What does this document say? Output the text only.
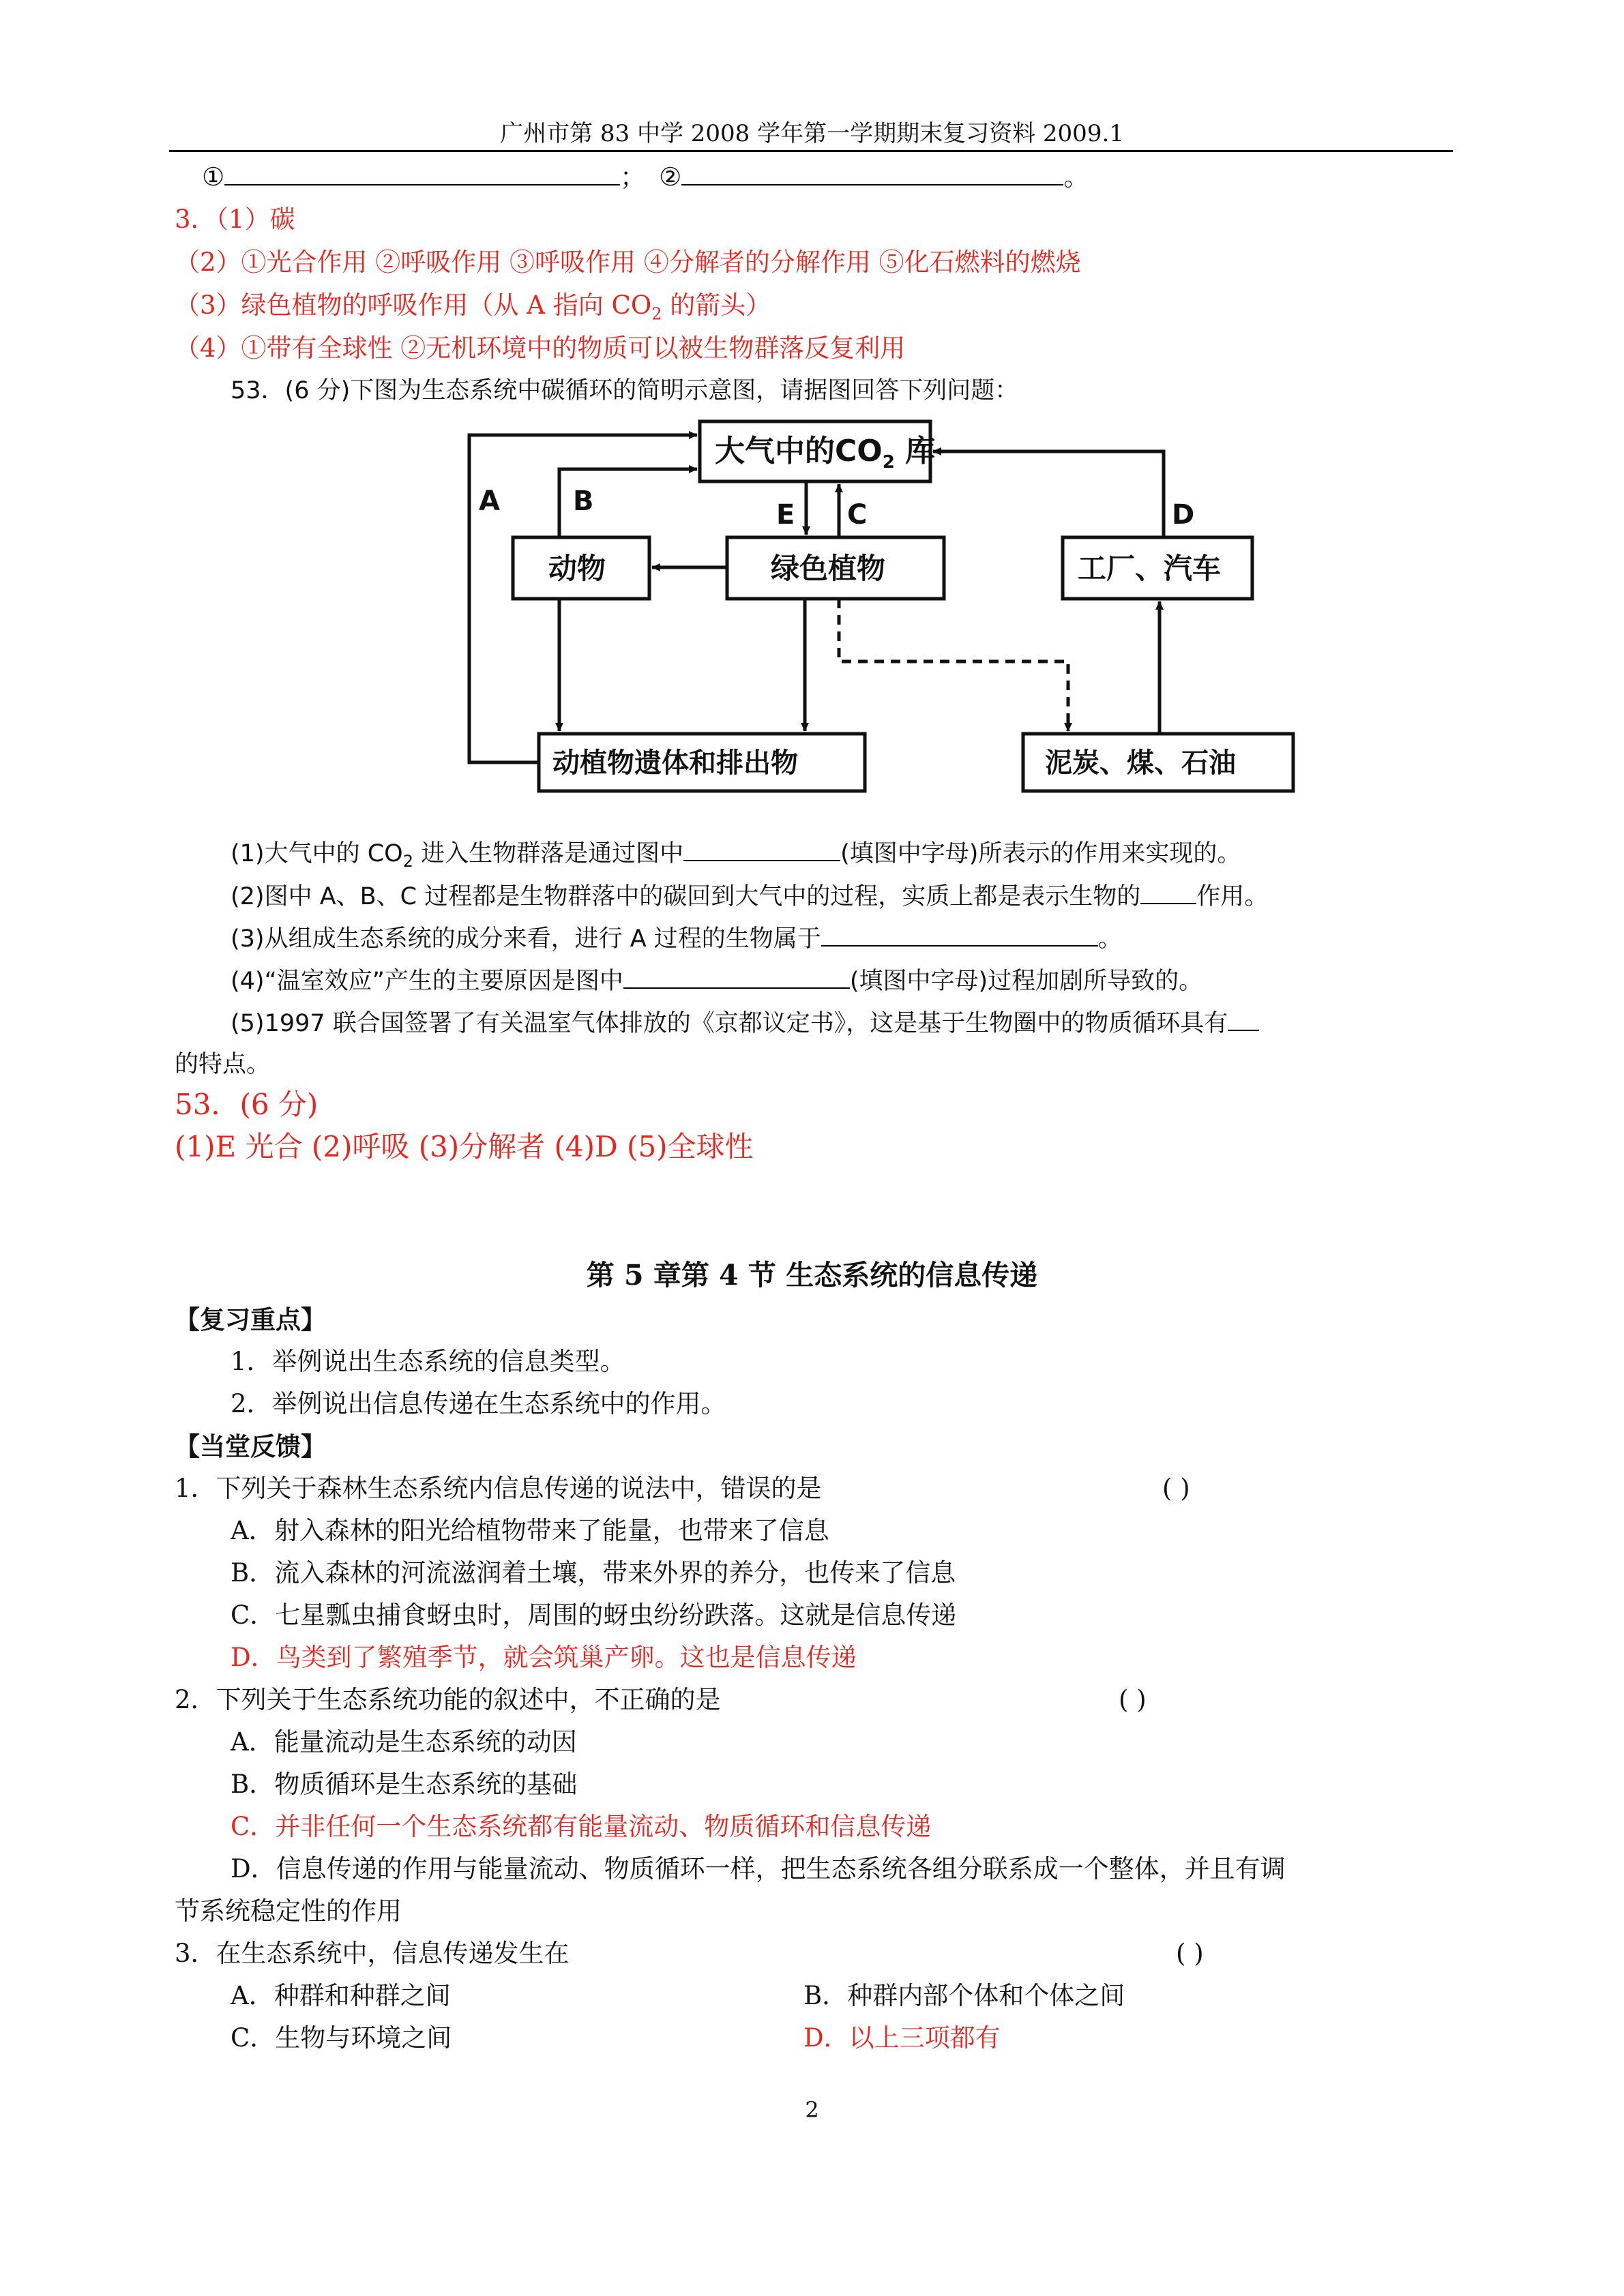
广州市第 83 中学 2008 学年第一学期期末复习资料 2009.1
①	； ②	。
3．（1）碳
（2）①光合作用 ②呼吸作用 ③呼吸作用 ④分解者的分解作用 ⑤化石燃料的燃烧
（3）绿色植物的呼吸作用（从 A 指向 $CO_2$ 的箭头）
（4）①带有全球性 ②无机环境中的物质可以被生物群落反复利用
53．(6 分)下图为生态系统中碳循环的简明示意图，请据图回答下列问题：
大气中的$CO_2$ 库
动物	绿色植物	工厂、汽车
动植物遗体和排出物	泥炭、煤、石油
A	B	E C	D
(1)大气中的 $CO_2$ 进入生物群落是通过图中	(填图中字母)所表示的作用来实现的。
(2)图中 A、B、C 过程都是生物群落中的碳回到大气中的过程，实质上都是表示生物的 作用。
(3)从组成生态系统的成分来看，进行 A 过程的生物属于	。
(4)“温室效应”产生的主要原因是图中	(填图中字母)过程加剧所导致的。
(5)1997 联合国签署了有关温室气体排放的《京都议定书》，这是基于生物圈中的物质循环具有
的特点。
53．(6 分)
(1)E 光合 (2)呼吸 (3)分解者 (4)D (5)全球性
第 5 章第 4 节 生态系统的信息传递
【复习重点】
1．举例说出生态系统的信息类型。
2．举例说出信息传递在生态系统中的作用。
【当堂反馈】
1．下列关于森林生态系统内信息传递的说法中，错误的是	( )
A．射入森林的阳光给植物带来了能量，也带来了信息
B．流入森林的河流滋润着土壤，带来外界的养分，也传来了信息
C．七星瓢虫捕食蚜虫时，周围的蚜虫纷纷跌落。这就是信息传递
D．鸟类到了繁殖季节，就会筑巢产卵。这也是信息传递
2．下列关于生态系统功能的叙述中，不正确的是	( )
A．能量流动是生态系统的动因
B．物质循环是生态系统的基础
C．并非任何一个生态系统都有能量流动、物质循环和信息传递
D．信息传递的作用与能量流动、物质循环一样，把生态系统各组分联系成一个整体，并且有调
节系统稳定性的作用
3．在生态系统中，信息传递发生在	( )
A．种群和种群之间	B．种群内部个体和个体之间
C．生物与环境之间	D．以上三项都有
2
